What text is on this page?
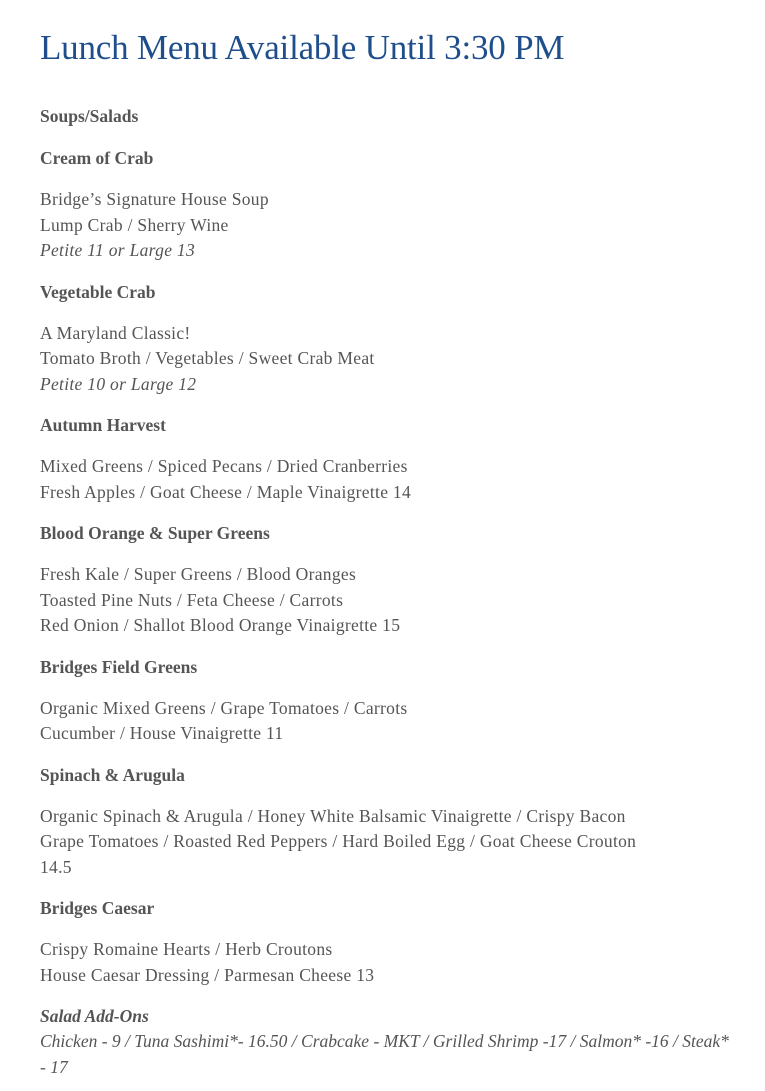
Lunch Menu Available Until 3:30 PM
Soups/Salads
Cream of Crab
Bridge’s Signature House Soup
Lump Crab / Sherry Wine
Petite 11 or Large 13
Vegetable Crab
A Maryland Classic!
Tomato Broth / Vegetables / Sweet Crab Meat
Petite 10 or Large 12
Autumn Harvest
Mixed Greens / Spiced Pecans / Dried Cranberries
Fresh Apples / Goat Cheese / Maple Vinaigrette 14
Blood Orange & Super Greens
Fresh Kale / Super Greens / Blood Oranges
Toasted Pine Nuts / Feta Cheese / Carrots
Red Onion / Shallot Blood Orange Vinaigrette 15
Bridges Field Greens
Organic Mixed Greens / Grape Tomatoes / Carrots
Cucumber / House Vinaigrette 11
Spinach & Arugula
Organic Spinach & Arugula / Honey White Balsamic Vinaigrette / Crispy Bacon
Grape Tomatoes / Roasted Red Peppers / Hard Boiled Egg / Goat Cheese Crouton
14.5
Bridges Caesar
Crispy Romaine Hearts / Herb Croutons
House Caesar Dressing / Parmesan Cheese 13
Salad Add-Ons
Chicken - 9 / Tuna Sashimi*- 16.50 / Crabcake - MKT / Grilled Shrimp -17 / Salmon* -16 / Steak* - 17
